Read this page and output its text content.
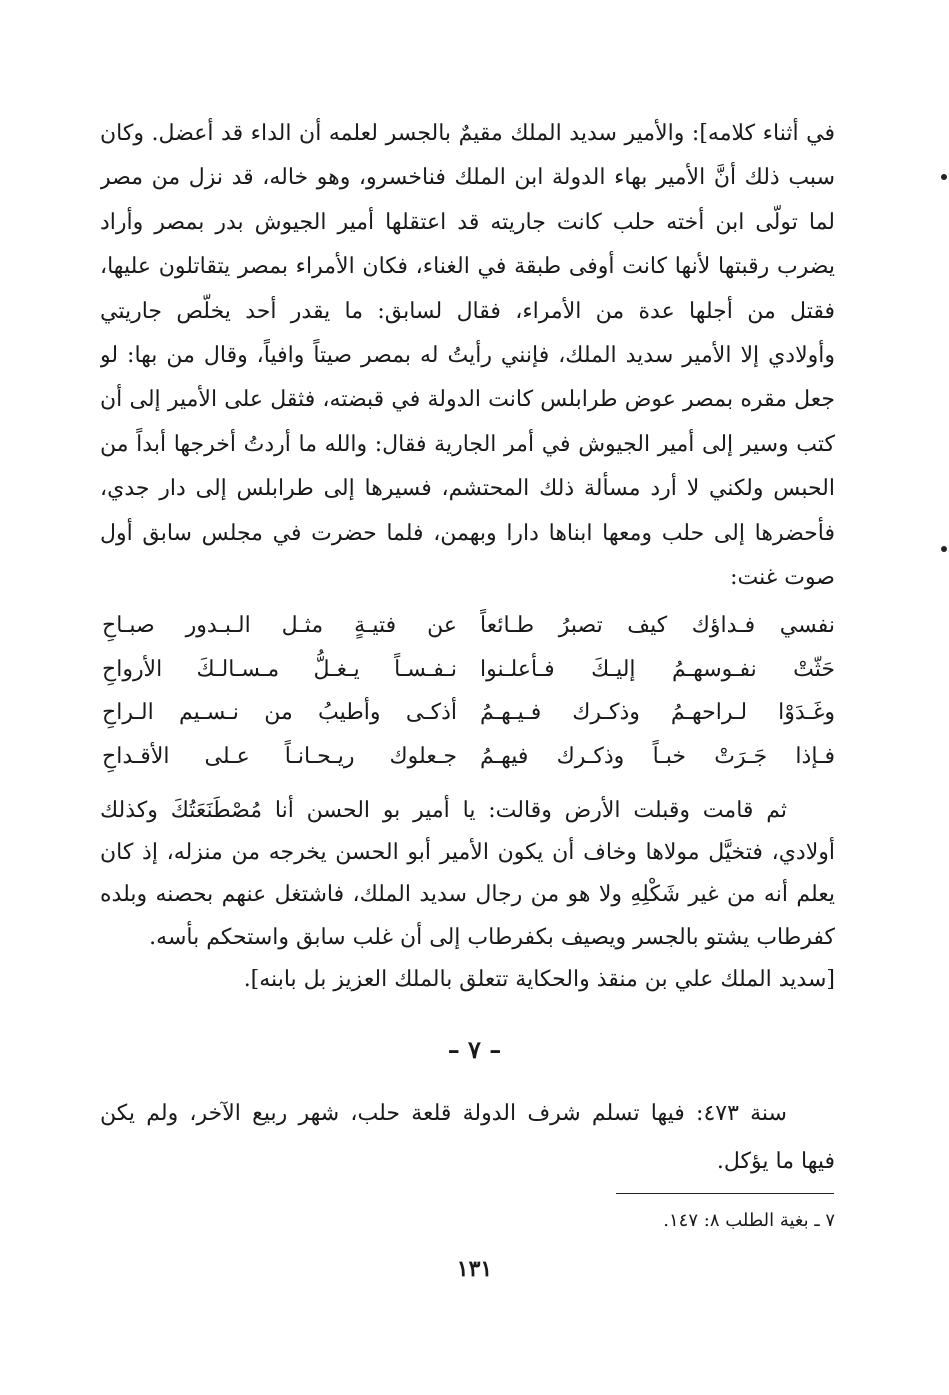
في أثناء كلامه]: والأمير سديد الملك مقيمٌ بالجسر لعلمه أن الداء قد أعضل. وكان
سبب ذلك أنَّ الأمير بهاء الدولة ابن الملك فناخسرو، وهو خاله، قد نزل من مصر
لما تولّى ابن أخته حلب كانت جاريته قد اعتقلها أمير الجيوش بدر بمصر وأراد
يضرب رقبتها لأنها كانت أوفى طبقة في الغناء، فكان الأمراء بمصر يتقاتلون عليها،
فقتل من أجلها عدة من الأمراء، فقال لسابق: ما يقدر أحد يخلّص جاريتي
وأولادي إلا الأمير سديد الملك، فإنني رأيتُ له بمصر صيتاً وافياً، وقال من بها: لو
جعل مقره بمصر عوض طرابلس كانت الدولة في قبضته، فثقل على الأمير إلى أن
كتب وسير إلى أمير الجيوش في أمر الجارية فقال: والله ما أردتُ أخرجها أبداً من
الحبس ولكني لا أرد مسألة ذلك المحتشم، فسيرها إلى طرابلس إلى دار جدي،
فأحضرها إلى حلب ومعها ابناها دارا وبهمن، فلما حضرت في مجلس سابق أول
صوت غنت:
نفسي فـداؤك كيف تصبرُ طـائعاً
عن فتيـةٍ مثـل الـبـدور صبـاحِ
حَثّتْ نفـوسهـمُ إليـكَ فـأعلـنوا
نـفـسـاً يـغـلُّ مـسـالـكَ الأرواحِ
وغَـدَوْا لـراحهـمُ وذكـرك فـيـهـمُ
أذكـى وأطيبُ من نـسـيم الـراحِ
فـإذا جَـرَتْ خبـاً وذكـرك فيهـمُ
جـعلوك ريـحـانـاً عـلى الأقـداحِ
ثم قامت وقبلت الأرض وقالت: يا أمير بو الحسن أنا مُصْطَنَعَتُكَ وكذلك
أولادي، فتخيَّل مولاها وخاف أن يكون الأمير أبو الحسن يخرجه من منزله، إذ كان
يعلم أنه من غير شَكْلِهِ ولا هو من رجال سديد الملك، فاشتغل عنهم بحصنه وبلده
كفرطاب يشتو بالجسر ويصيف بكفرطاب إلى أن غلب سابق واستحكم بأسه.
[سديد الملك علي بن منقذ والحكاية تتعلق بالملك العزيز بل بابنه].
– ٧ –
سنة ٤٧٣: فيها تسلم شرف الدولة قلعة حلب، شهر ربيع الآخر، ولم يكن
فيها ما يؤكل.
٧ ـ بغية الطلب ٨: ١٤٧.
١٣١
